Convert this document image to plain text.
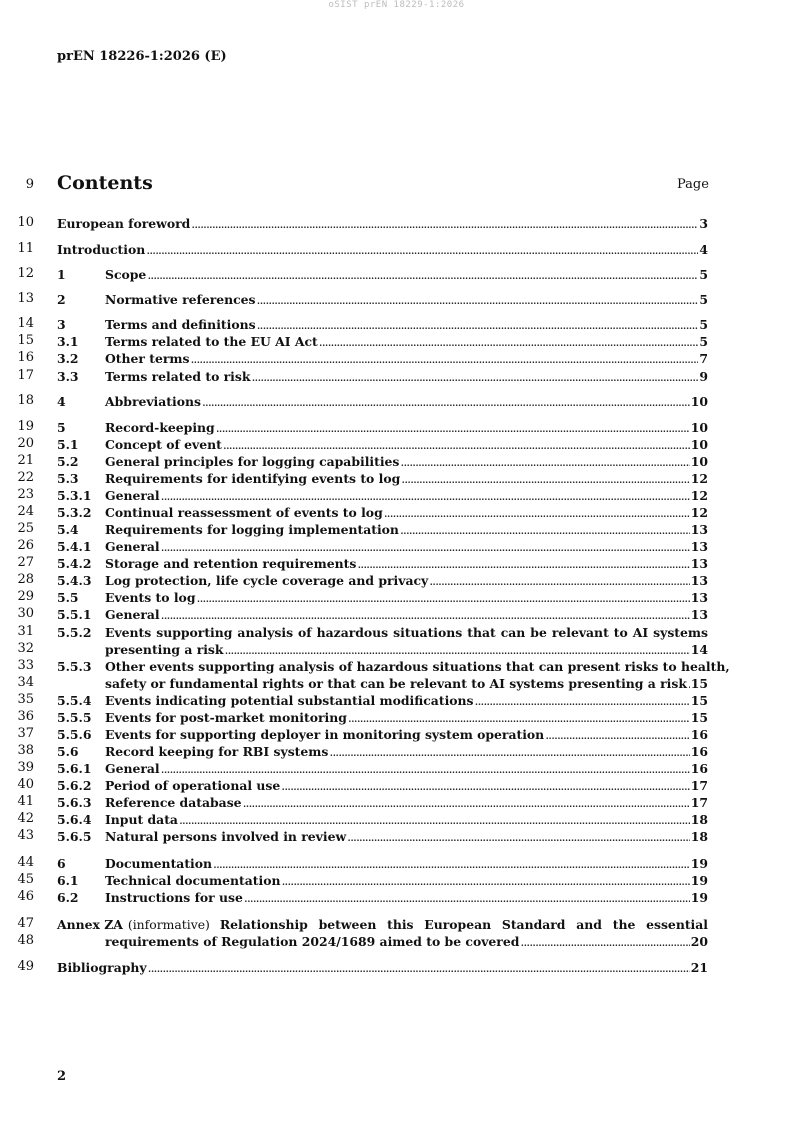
oSIST prEN 18229-1:2026
prEN 18226-1:2026 (E)
9 Contents	Page
10 European foreword .....	3
11 Introduction .....	4
12 1	Scope .....	5
13 2	Normative references .....	5
14 3	Terms and definitions .....	5
15 3.1	Terms related to the EU AI Act .....	5
16 3.2	Other terms .....	7
17 3.3	Terms related to risk .....	9
18 4	Abbreviations .....	10
19 5	Record-keeping .....	10
20 5.1	Concept of event .....	10
21 5.2	General principles for logging capabilities .....	10
22 5.3	Requirements for identifying events to log .....	12
23 5.3.1	General .....	12
24 5.3.2	Continual reassessment of events to log .....	12
25 5.4	Requirements for logging implementation .....	13
26 5.4.1	General .....	13
27 5.4.2	Storage and retention requirements .....	13
28 5.4.3	Log protection, life cycle coverage and privacy .....	13
29 5.5	Events to log .....	13
30 5.5.1	General .....	13
31
32
5.5.2	Events supporting analysis of hazardous situations that can be relevant to AI systems
presenting a risk .....	14
33
34
5.5.3	Other events supporting analysis of hazardous situations that can present risks to health,
safety or fundamental rights or that can be relevant to AI systems presenting a risk ..... 15
35 5.5.4	Events indicating potential substantial modifications .....	15
36 5.5.5	Events for post-market monitoring .....	15
37 5.5.6	Events for supporting deployer in monitoring system operation .....	16
38 5.6	Record keeping for RBI systems .....	16
39 5.6.1	General .....	16
40 5.6.2	Period of operational use .....	17
41 5.6.3	Reference database .....	17
42 5.6.4	Input data .....	18
43 5.6.5	Natural persons involved in review .....	18
44 6	Documentation .....	19
45 6.1	Technical documentation .....	19
46 6.2	Instructions for use .....	19
47
48
Annex ZA (informative) Relationship between this European Standard and the essential
requirements of Regulation 2024/1689 aimed to be covered .....	20
49 Bibliography .....	21
2
